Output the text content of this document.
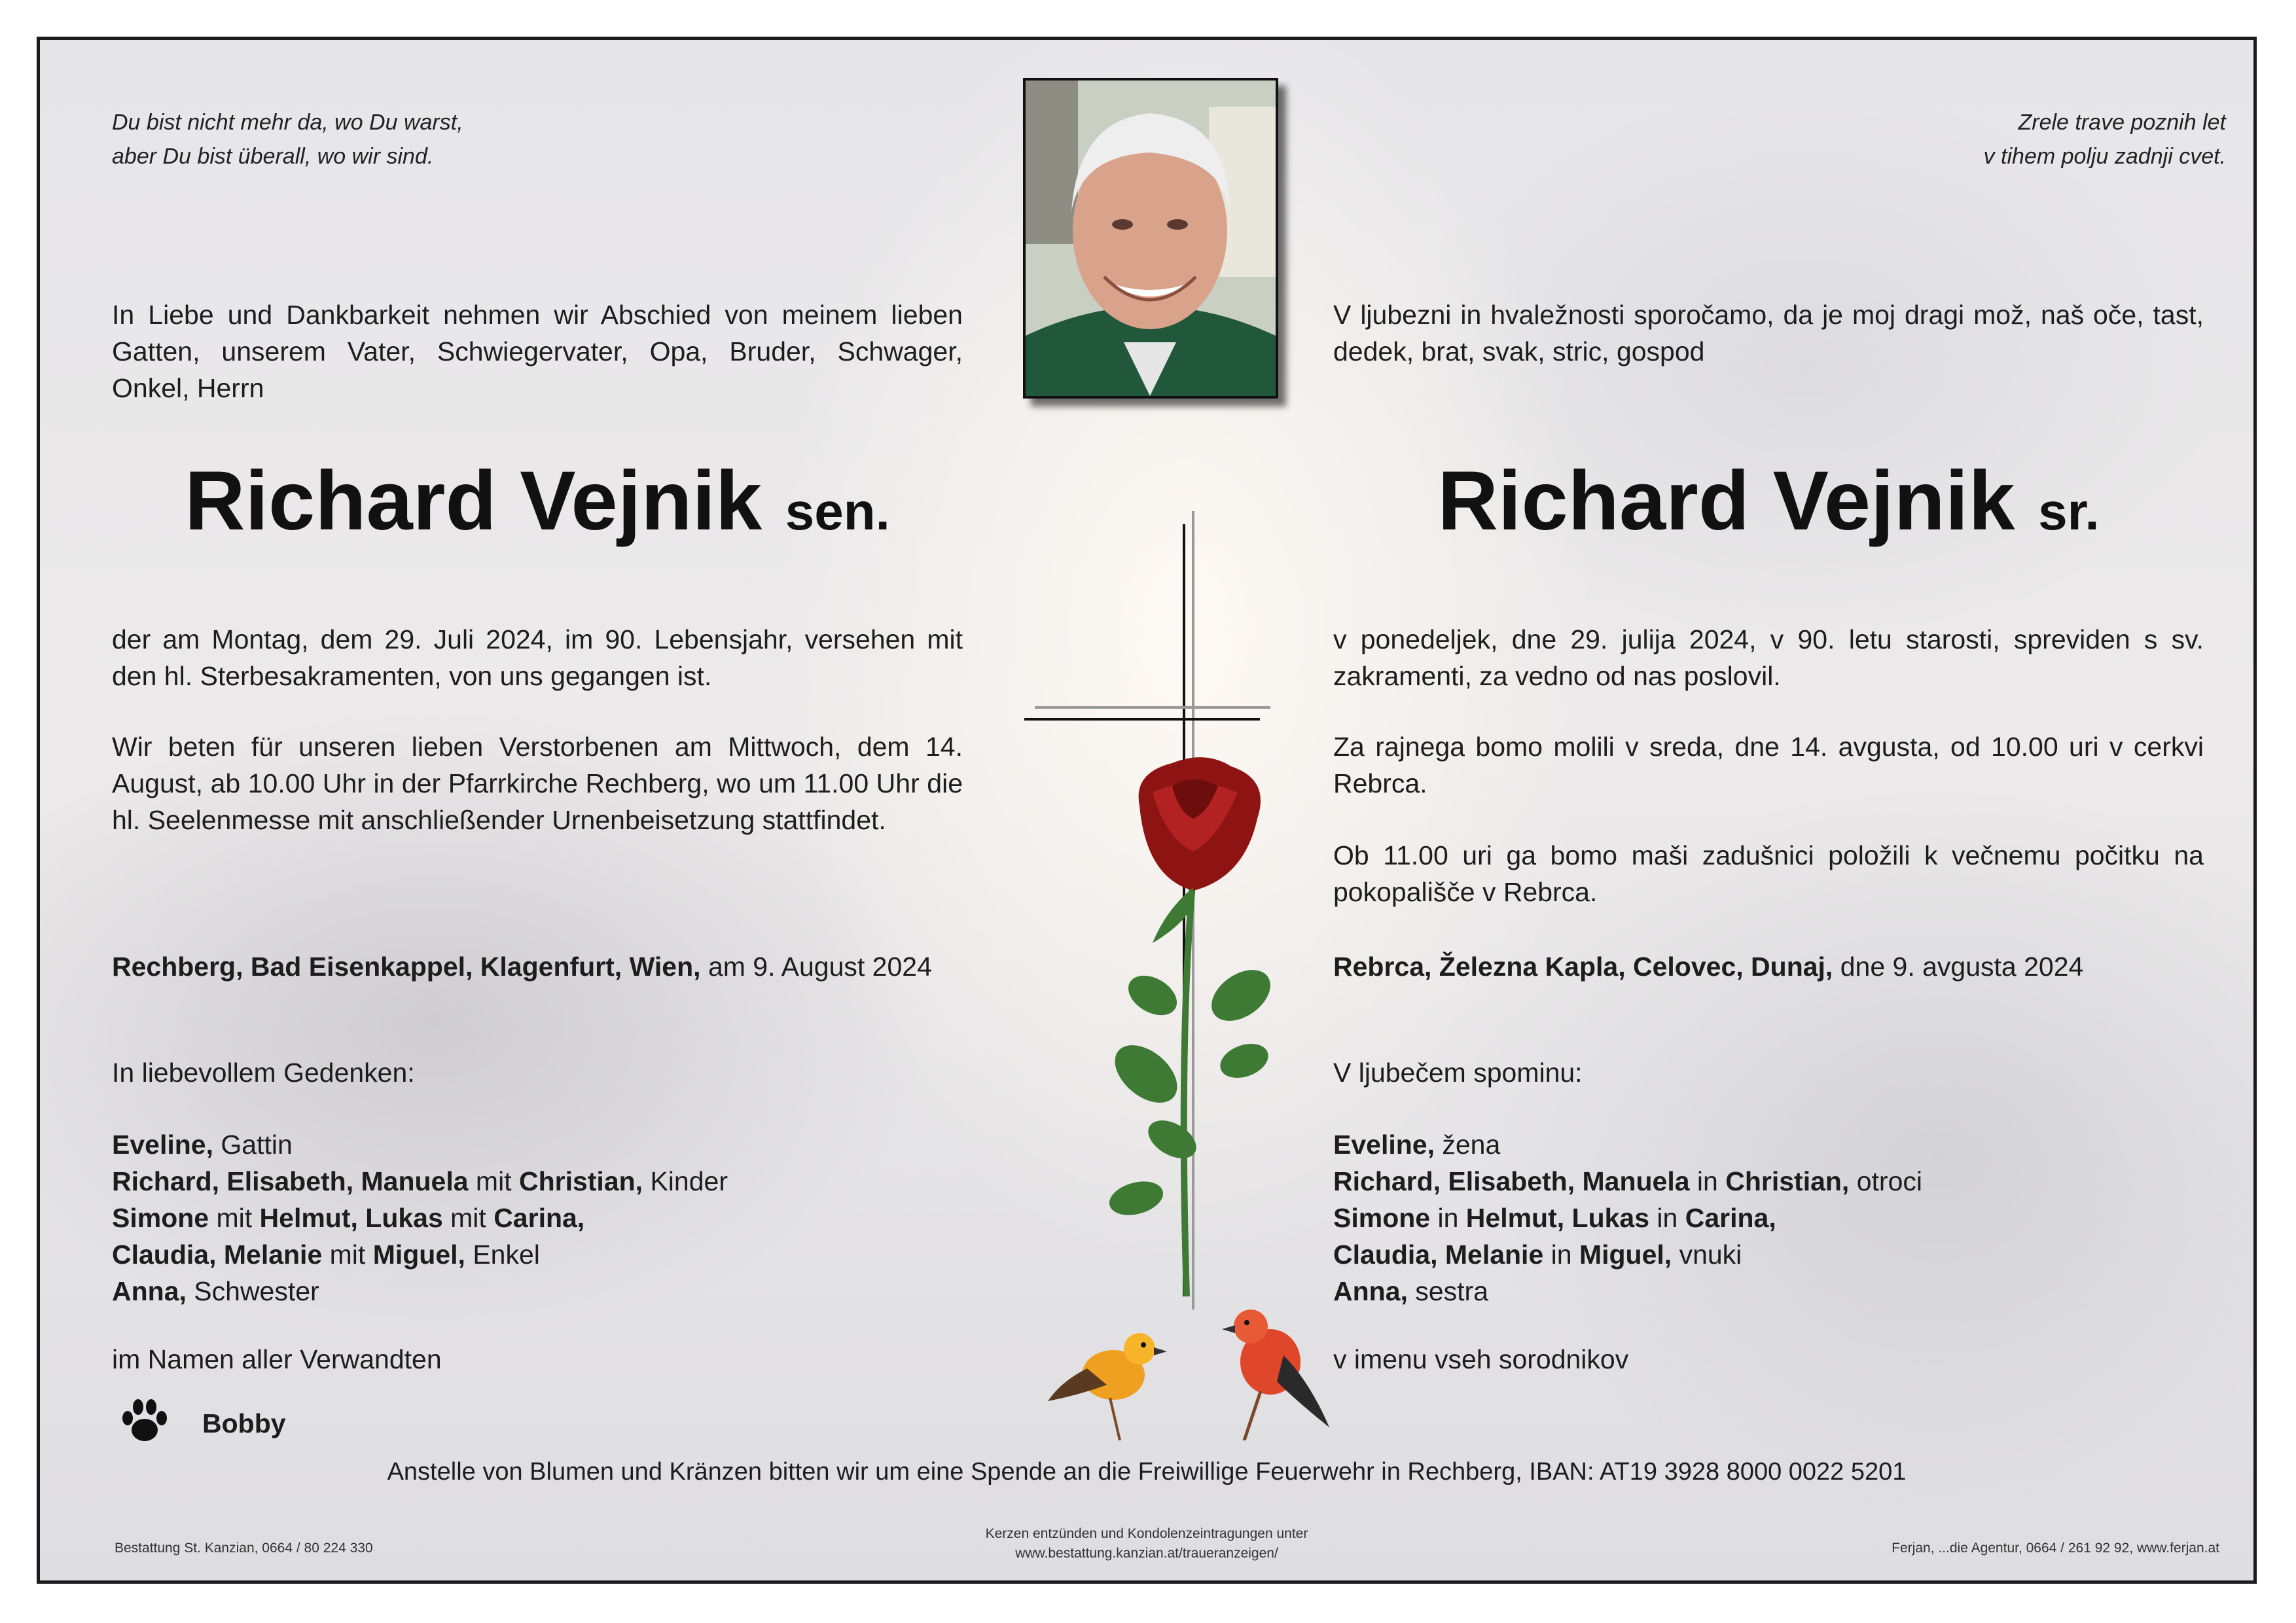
Du bist nicht mehr da, wo Du warst,
aber Du bist überall, wo wir sind.
In Liebe und Dankbarkeit nehmen wir Abschied von meinem lieben Gatten, unserem Vater, Schwiegervater, Opa, Bruder, Schwager, Onkel, Herrn
Richard Vejnik sen.
der am Montag, dem 29. Juli 2024, im 90. Lebensjahr, versehen mit den hl. Sterbesakramenten, von uns gegangen ist.
Wir beten für unseren lieben Verstorbenen am Mittwoch, dem 14. August, ab 10.00 Uhr in der Pfarrkirche Rechberg, wo um 11.00 Uhr die hl. Seelenmesse mit anschließender Urnenbeisetzung stattfindet.
Rechberg, Bad Eisenkappel, Klagenfurt, Wien, am 9. August 2024
In liebevollem Gedenken:

Eveline, Gattin

Richard, Elisabeth, Manuela mit Christian, Kinder

Simone mit Helmut, Lukas mit Carina,

Claudia, Melanie mit Miguel, Enkel

Anna, Schwester

im Namen aller Verwandten
Bobby
Zrele trave poznih let
v tihem polju zadnji cvet.
V ljubezni in hvaležnosti sporočamo, da je moj dragi mož, naš oče, tast, dedek, brat, svak, stric, gospod
Richard Vejnik sr.
v ponedeljek, dne 29. julija 2024, v 90. letu starosti, spreviden s sv. zakramenti, za vedno od nas poslovil.
Za rajnega bomo molili v sreda, dne 14. avgusta, od 10.00 uri v cerkvi Rebrca.
Ob 11.00 uri ga bomo maši zadušnici položili k večnemu počitku na pokopališče v Rebrca.
Rebrca, Železna Kapla, Celovec, Dunaj, dne 9. avgusta 2024
V ljubečem spominu:

Eveline, žena

Richard, Elisabeth, Manuela in Christian, otroci

Simone in Helmut, Lukas in Carina,

Claudia, Melanie in Miguel, vnuki

Anna, sestra

v imenu vseh sorodnikov
Anstelle von Blumen und Kränzen bitten wir um eine Spende an die Freiwillige Feuerwehr in Rechberg, IBAN: AT19 3928 8000 0022 5201
Bestattung St. Kanzian, 0664 / 80 224 330
Kerzen entzünden und Kondolenzeintragungen unter
www.bestattung.kanzian.at/traueranzeigen/	Ferjan, ...die Agentur, 0664 / 261 92 92, www.ferjan.at
